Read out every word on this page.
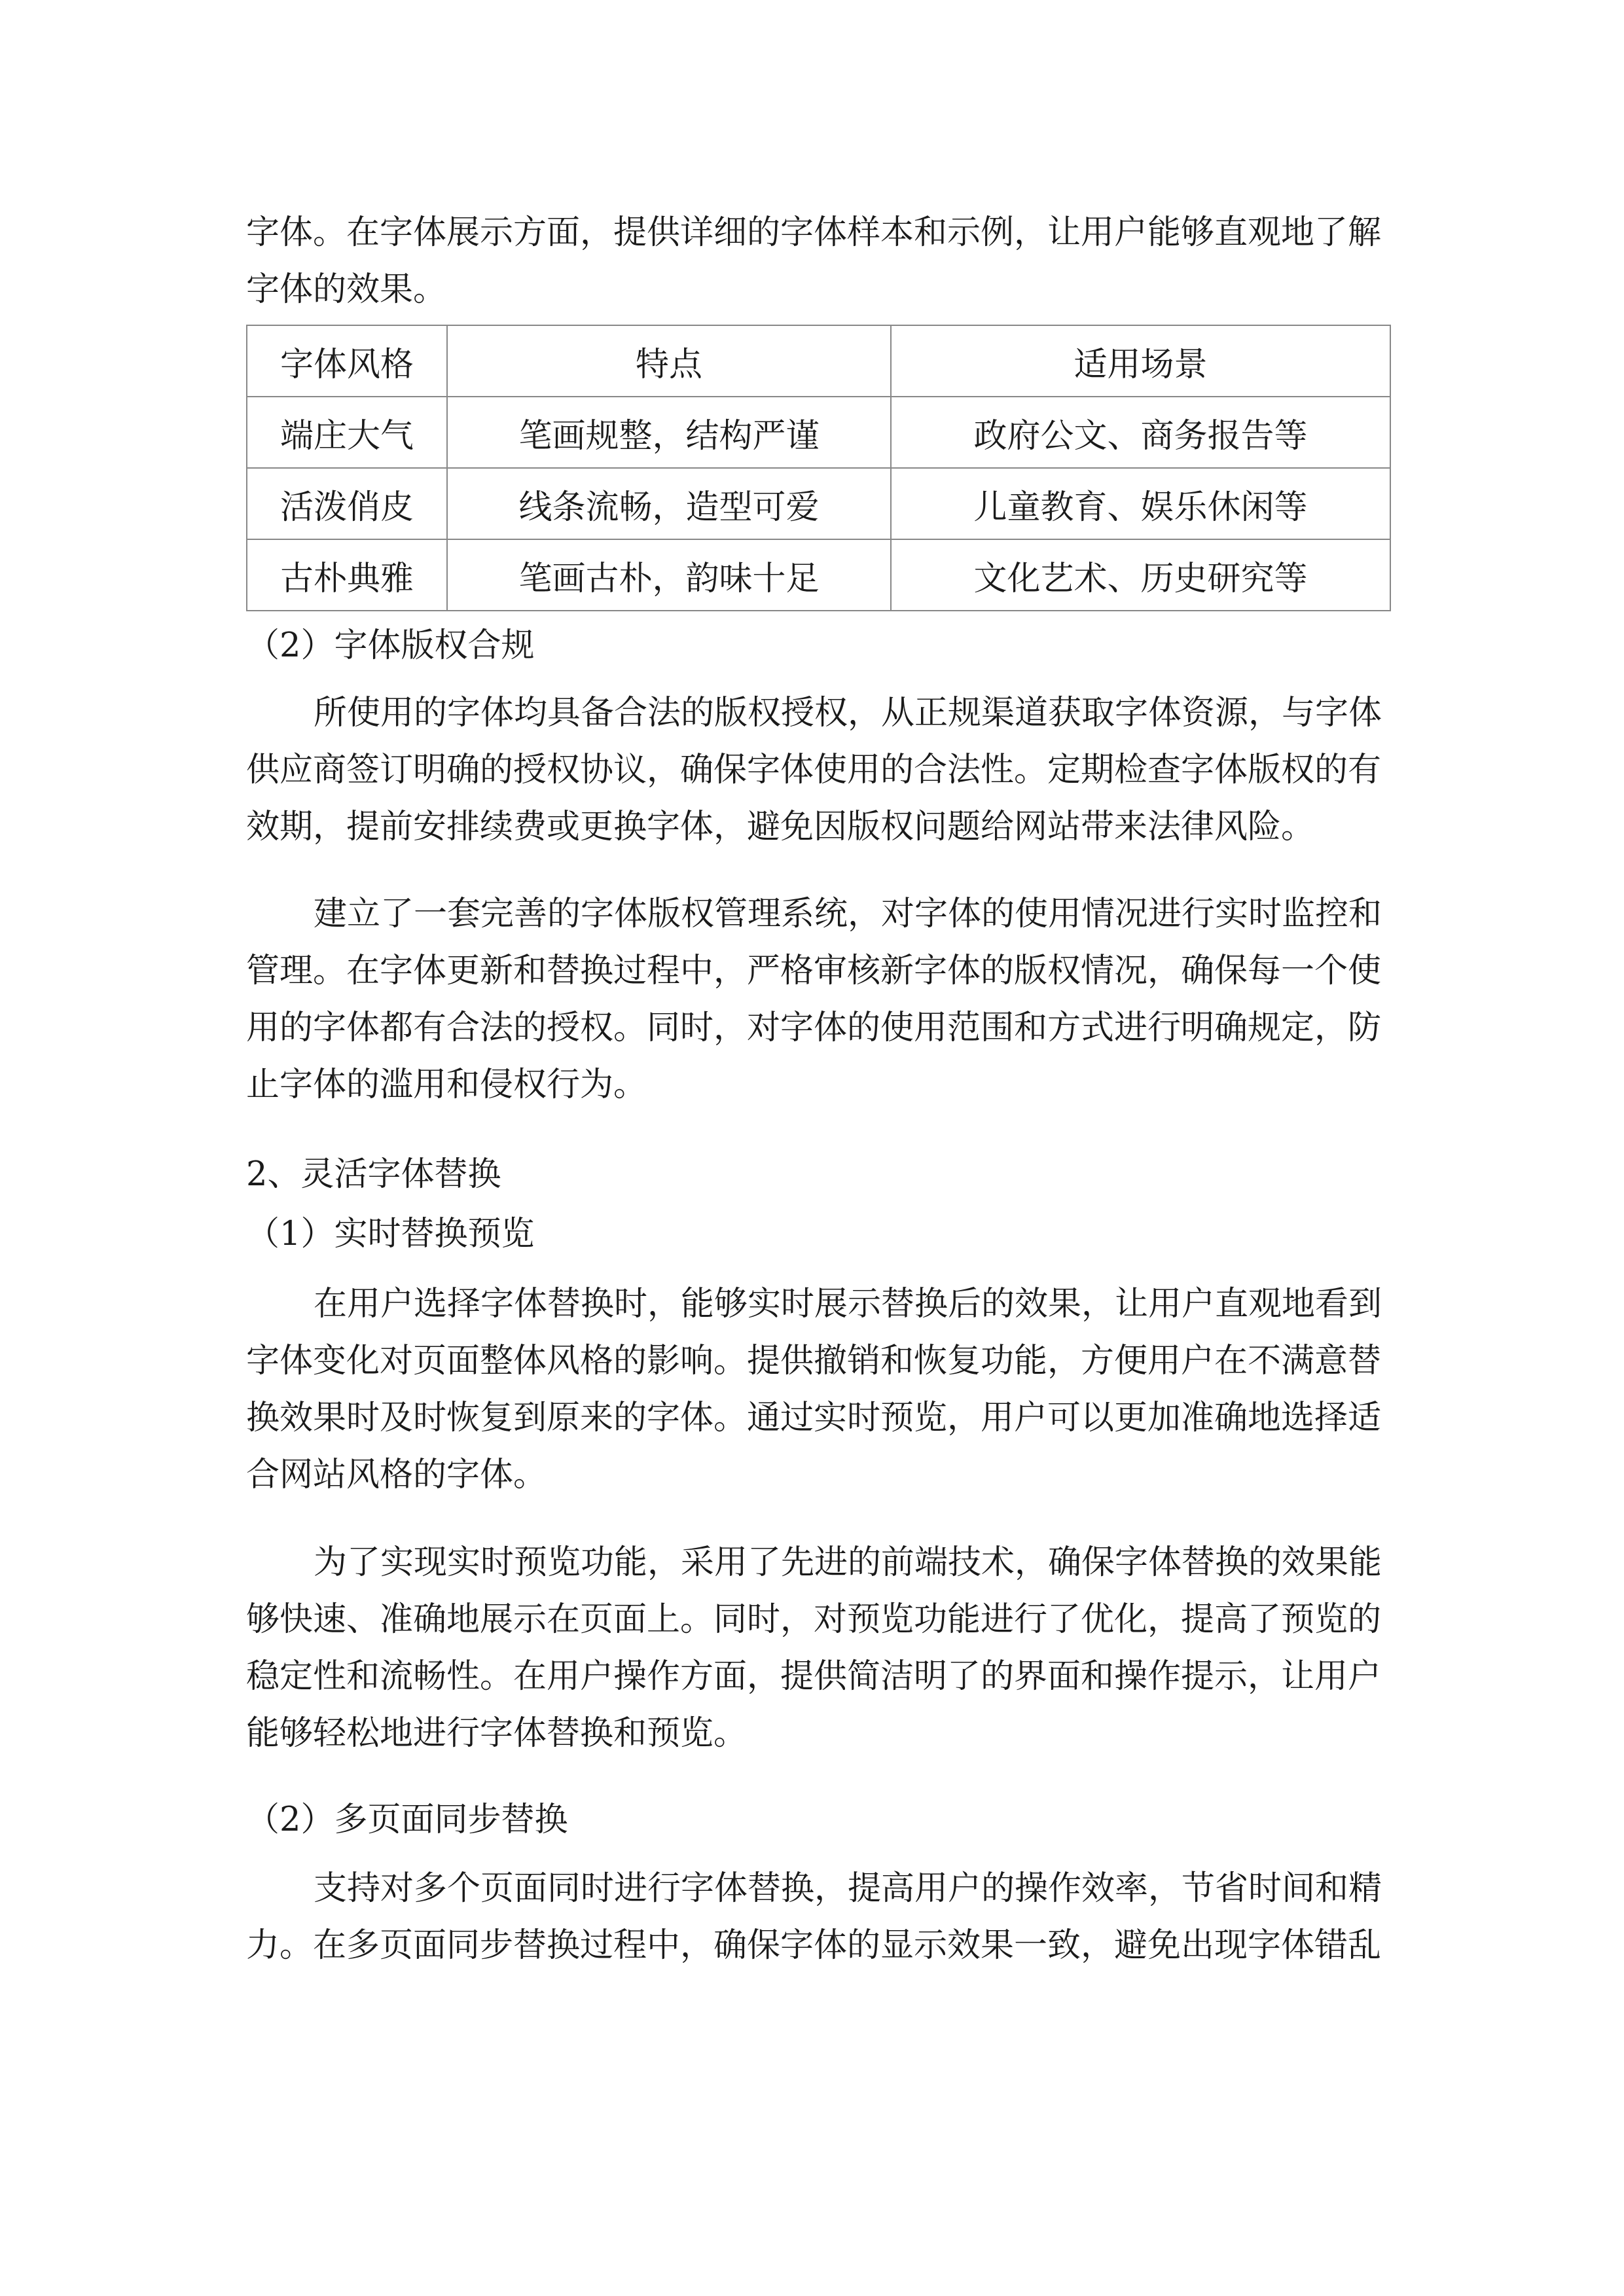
字体。在字体展示方面，提供详细的字体样本和示例，让用户能够直观地了解
字体的效果。
字体风格	特点	适用场景
端庄大气	笔画规整，结构严谨	政府公文、商务报告等
活泼俏皮	线条流畅，造型可爱	儿童教育、娱乐休闲等
古朴典雅	笔画古朴，韵味十足	文化艺术、历史研究等
（2）字体版权合规
所使用的字体均具备合法的版权授权，从正规渠道获取字体资源，与字体
供应商签订明确的授权协议，确保字体使用的合法性。定期检查字体版权的有
效期，提前安排续费或更换字体，避免因版权问题给网站带来法律风险。
建立了一套完善的字体版权管理系统，对字体的使用情况进行实时监控和
管理。在字体更新和替换过程中，严格审核新字体的版权情况，确保每一个使
用的字体都有合法的授权。同时，对字体的使用范围和方式进行明确规定，防
止字体的滥用和侵权行为。
2、灵活字体替换
（1）实时替换预览
在用户选择字体替换时，能够实时展示替换后的效果，让用户直观地看到
字体变化对页面整体风格的影响。提供撤销和恢复功能，方便用户在不满意替
换效果时及时恢复到原来的字体。通过实时预览，用户可以更加准确地选择适
合网站风格的字体。
为了实现实时预览功能，采用了先进的前端技术，确保字体替换的效果能
够快速、准确地展示在页面上。同时，对预览功能进行了优化，提高了预览的
稳定性和流畅性。在用户操作方面，提供简洁明了的界面和操作提示，让用户
能够轻松地进行字体替换和预览。
（2）多页面同步替换
支持对多个页面同时进行字体替换，提高用户的操作效率，节省时间和精
力。在多页面同步替换过程中，确保字体的显示效果一致，避免出现字体错乱
